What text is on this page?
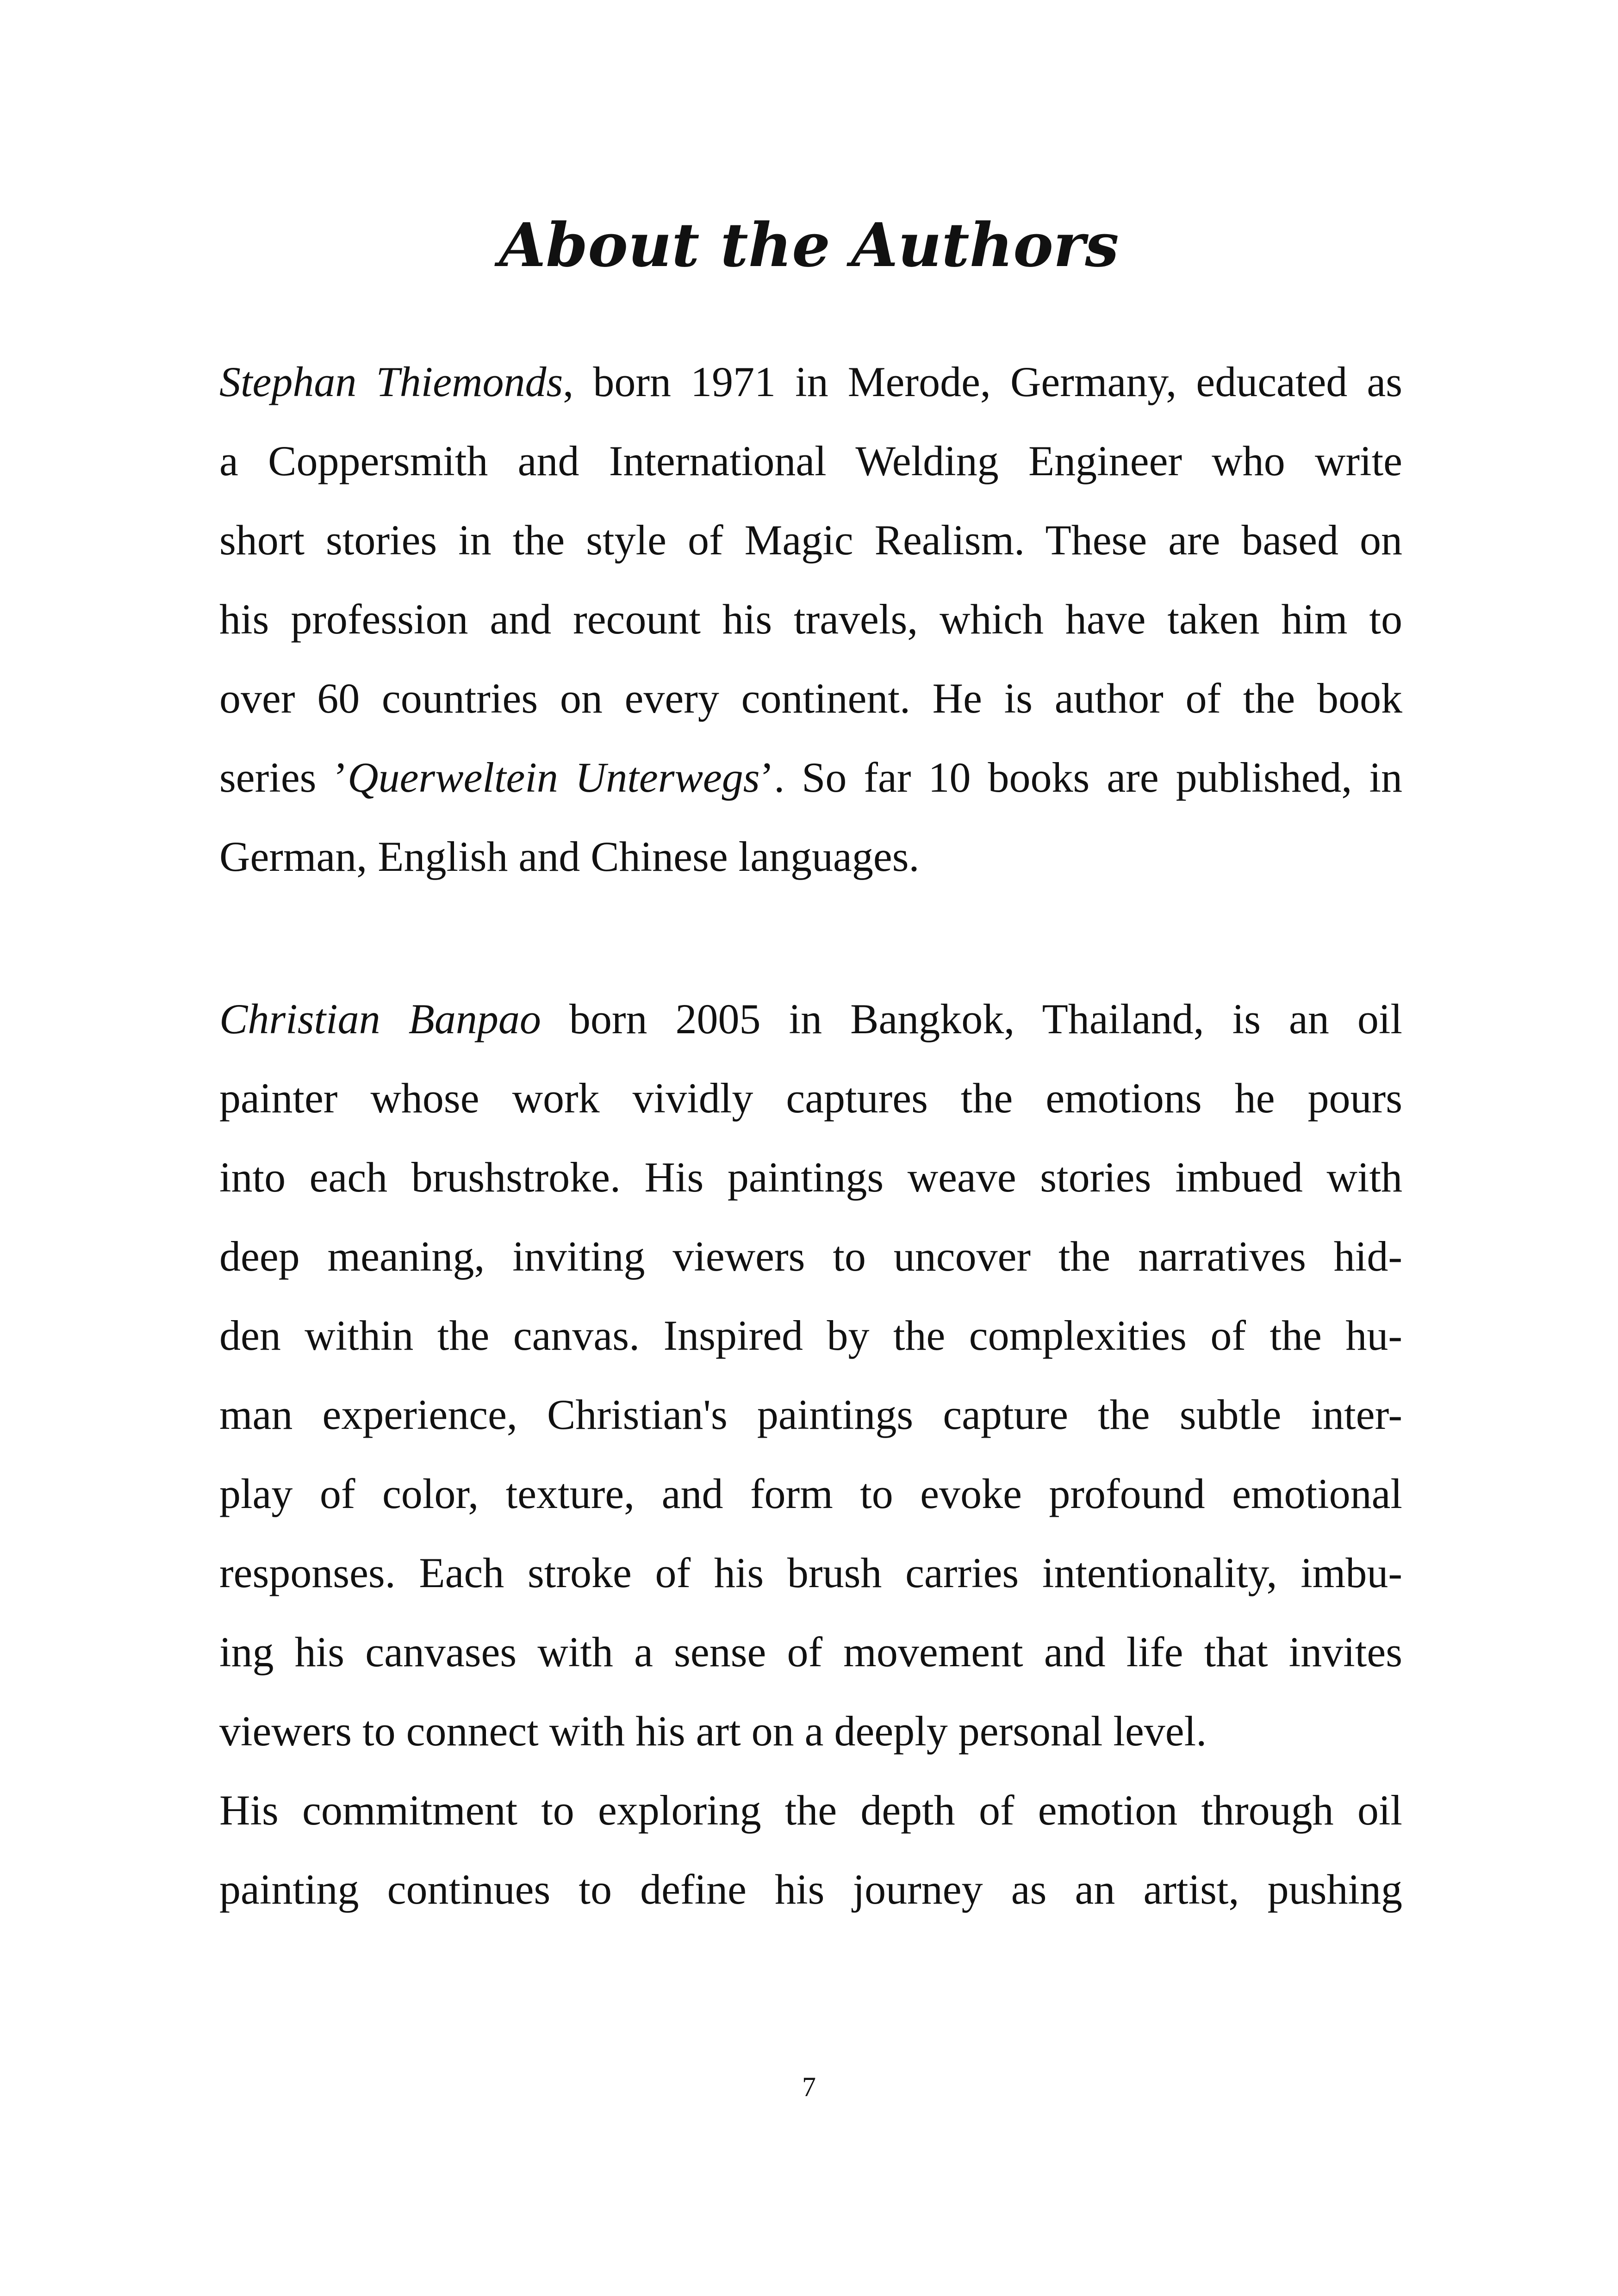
About the Authors
Stephan Thiemonds, born 1971 in Merode, Germany, educated as
a Coppersmith and International Welding Engineer who write
short stories in the style of Magic Realism. These are based on
his profession and recount his travels, which have taken him to
over 60 countries on every continent. He is author of the book
series ’Querweltein Unterwegs’. So far 10 books are published, in
German, English and Chinese languages.
Christian Banpao born 2005 in Bangkok, Thailand, is an oil
painter whose work vividly captures the emotions he pours
into each brushstroke. His paintings weave stories imbued with
deep meaning, inviting viewers to uncover the narratives hid-
den within the canvas. Inspired by the complexities of the hu-
man experience, Christian's paintings capture the subtle inter-
play of color, texture, and form to evoke profound emotional
responses. Each stroke of his brush carries intentionality, imbu-
ing his canvases with a sense of movement and life that invites
viewers to connect with his art on a deeply personal level.
His commitment to exploring the depth of emotion through oil
painting continues to define his journey as an artist, pushing
7
